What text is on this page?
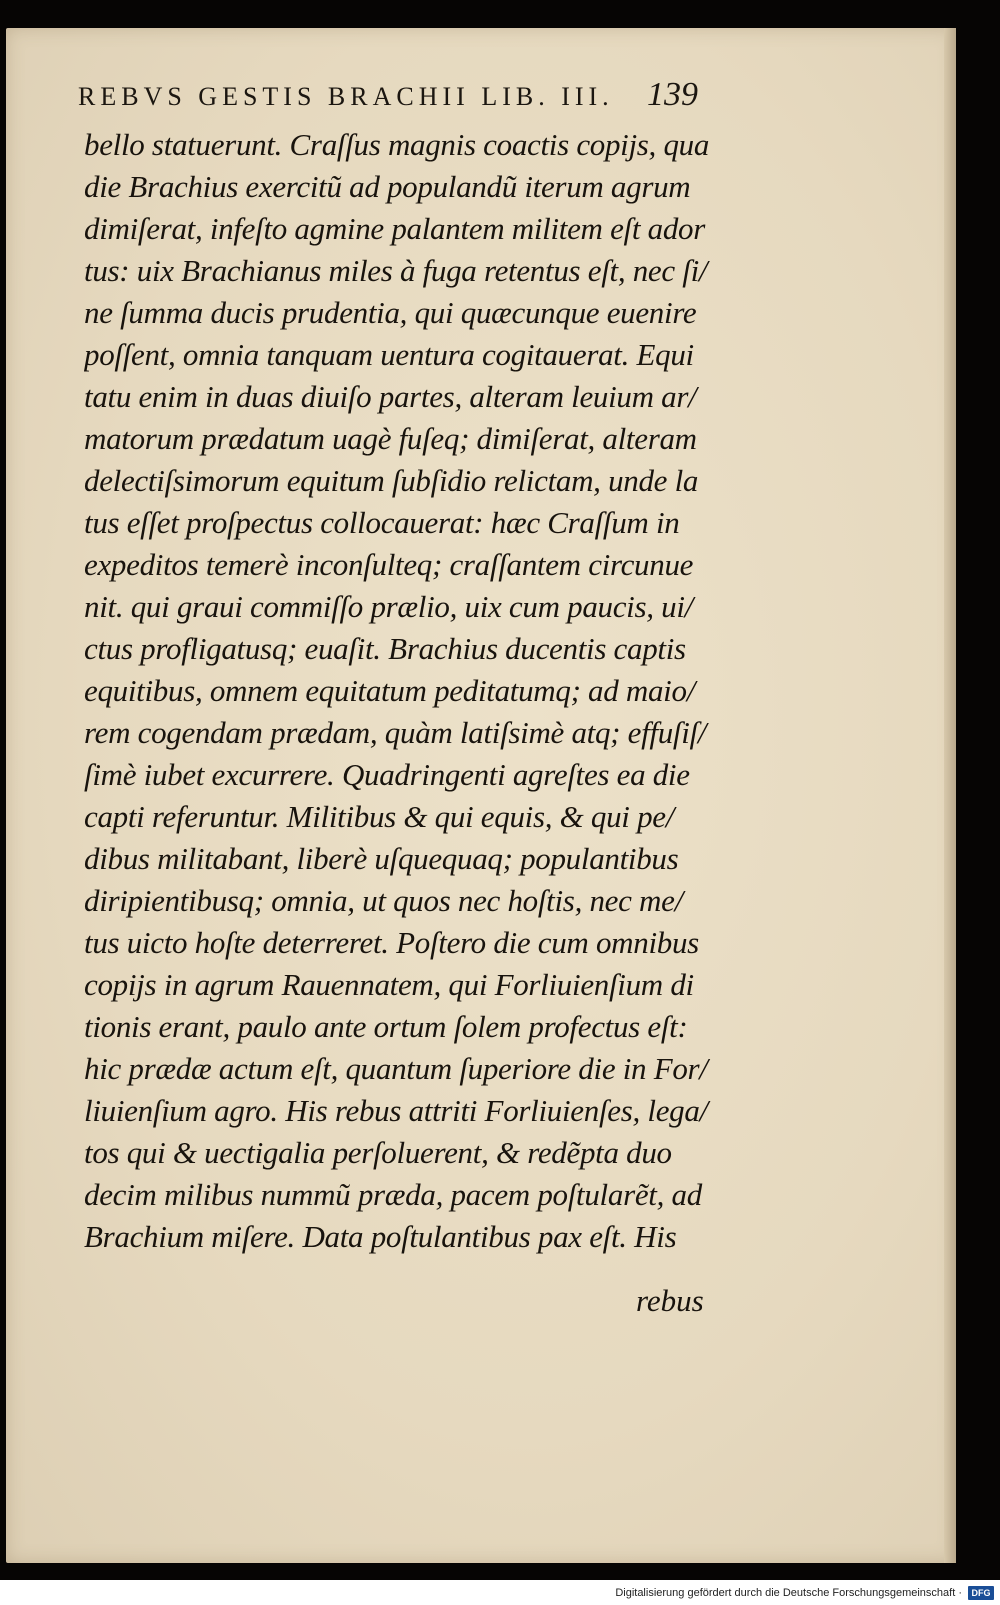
REBVS GESTIS BRACHII LIB. III. 139
bello statuerunt. Craſſus magnis coactis copijs, qua
die Brachius exercitũ ad populandũ iterum agrum
dimiſerat, infeſto agmine palantem militem eſt ador
tus: uix Brachianus miles à fuga retentus eſt, nec ſi/
ne ſumma ducis prudentia, qui quæcunque euenire
poſſent, omnia tanquam uentura cogitauerat. Equi
tatu enim in duas diuiſo partes, alteram leuium ar/
matorum prædatum uagè fuſeq; dimiſerat, alteram
delectiſsimorum equitum ſubſidio relictam, unde la
tus eſſet proſpectus collocauerat: hæc Craſſum in
expeditos temerè inconſulteq; craſſantem circunue
nit. qui graui commiſſo prælio, uix cum paucis, ui/
ctus profligatusq; euaſit. Brachius ducentis captis
equitibus, omnem equitatum peditatumq; ad maio/
rem cogendam prædam, quàm latiſsimè atq; effuſiſ/
ſimè iubet excurrere. Quadringenti agreſtes ea die
capti referuntur. Militibus & qui equis, & qui pe/
dibus militabant, liberè uſquequaq; populantibus
diripientibusq; omnia, ut quos nec hoſtis, nec me/
tus uicto hoſte deterreret. Poſtero die cum omnibus
copijs in agrum Rauennatem, qui Forliuienſium di
tionis erant, paulo ante ortum ſolem profectus eſt:
hic prædæ actum eſt, quantum ſuperiore die in For/
liuienſium agro. His rebus attriti Forliuienſes, lega/
tos qui & uectigalia perſoluerent, & redẽpta duo
decim milibus nummũ præda, pacem poſtularẽt, ad
Brachium miſere. Data poſtulantibus pax eſt. His
rebus
Digitalisierung gefördert durch die Deutsche Forschungsgemeinschaft ·	DFG
